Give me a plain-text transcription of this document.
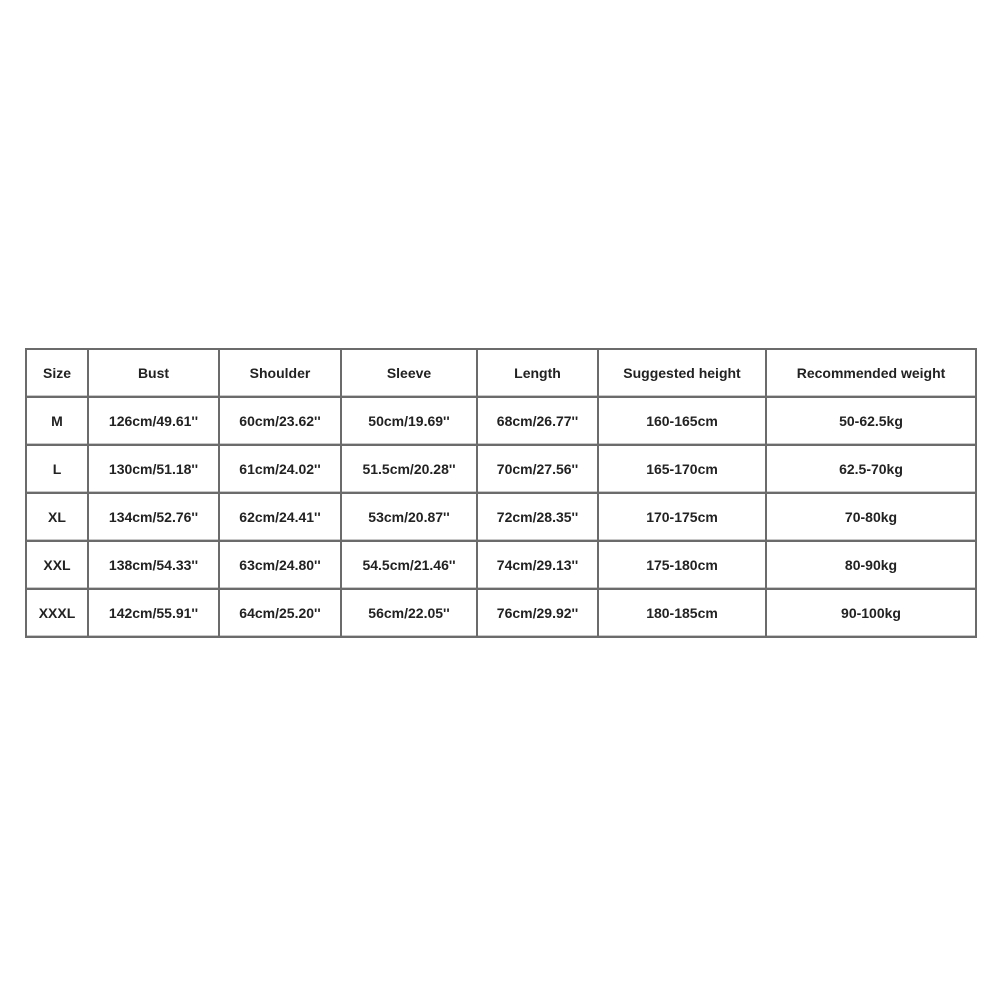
Size	Bust	Shoulder	Sleeve	Length	Suggested height	Recommended weight
M	126cm/49.61''	60cm/23.62''	50cm/19.69''	68cm/26.77''	160-165cm	50-62.5kg
L	130cm/51.18''	61cm/24.02''	51.5cm/20.28''	70cm/27.56''	165-170cm	62.5-70kg
XL	134cm/52.76''	62cm/24.41''	53cm/20.87''	72cm/28.35''	170-175cm	70-80kg
XXL	138cm/54.33''	63cm/24.80''	54.5cm/21.46''	74cm/29.13''	175-180cm	80-90kg
XXXL	142cm/55.91''	64cm/25.20''	56cm/22.05''	76cm/29.92''	180-185cm	90-100kg
